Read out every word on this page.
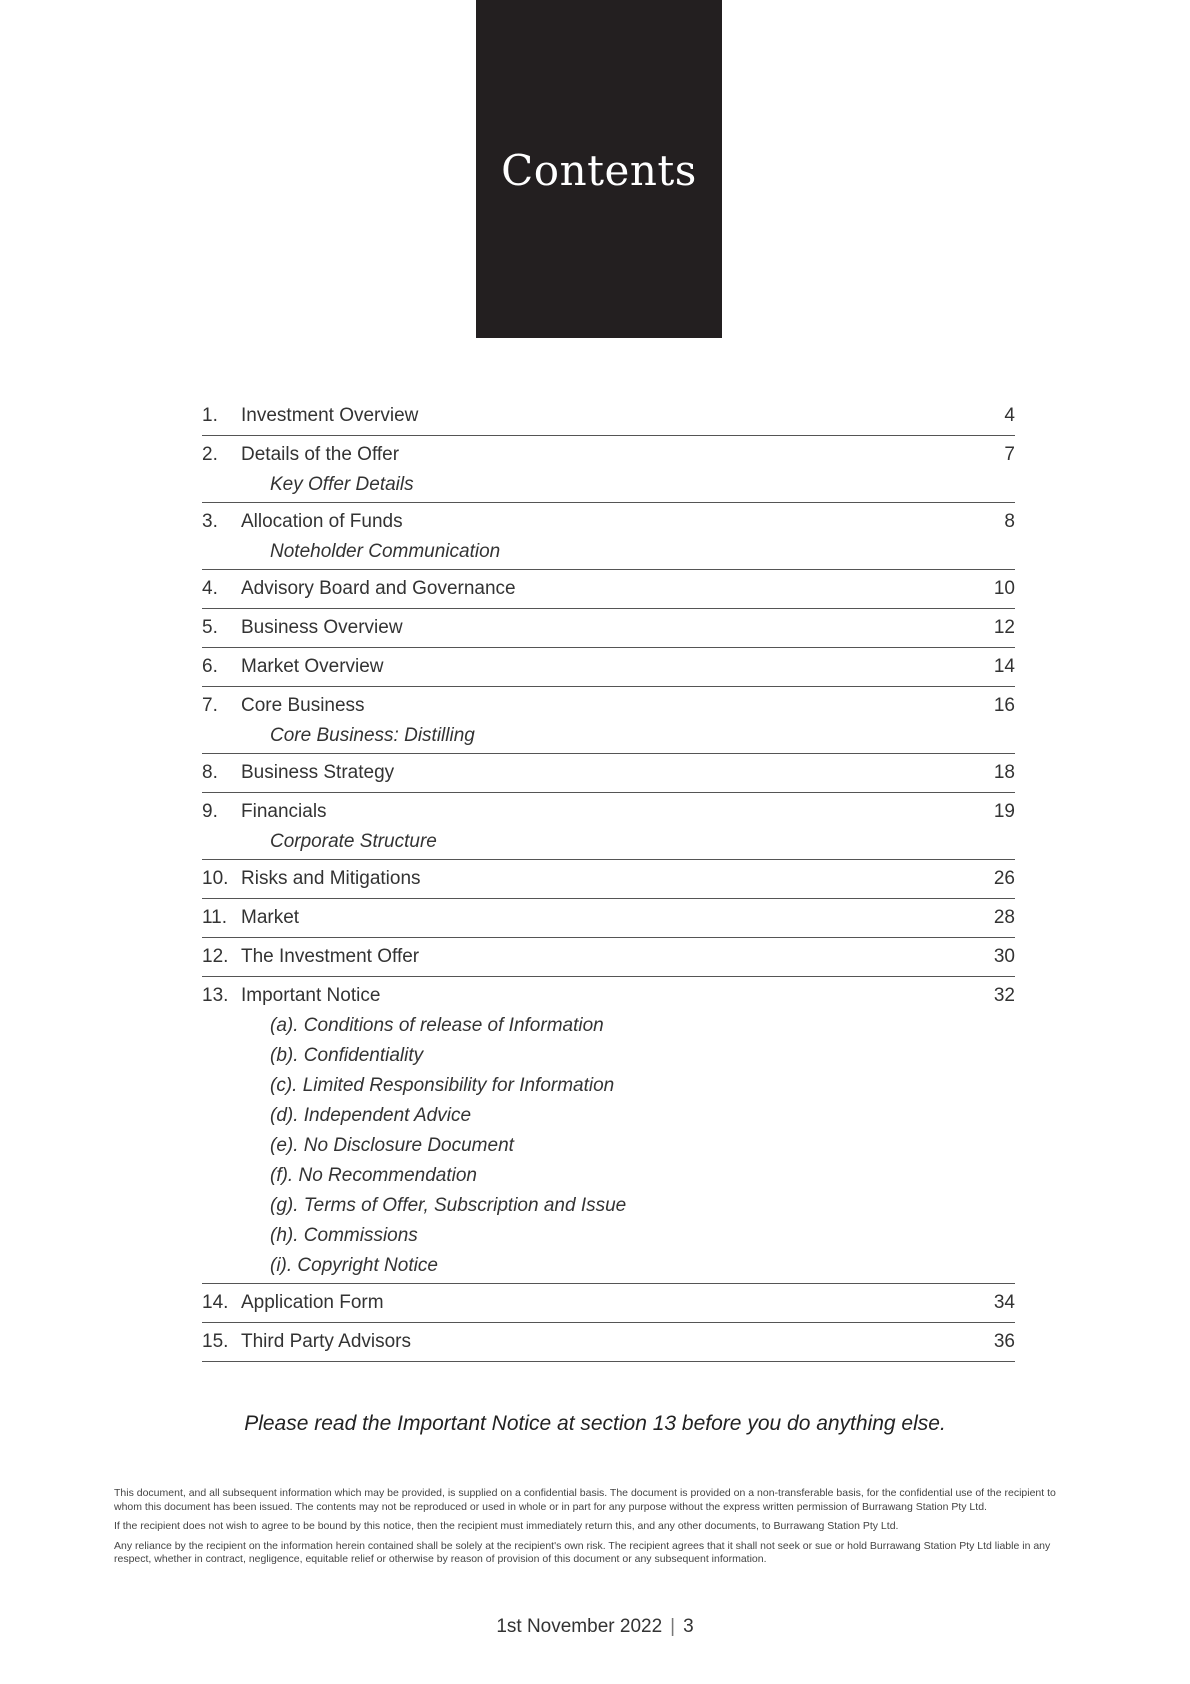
Contents
1.	Investment Overview	4
2.	Details of the Offer	7
Key Offer Details
3.	Allocation of Funds	8
Noteholder Communication
4.	Advisory Board and Governance	10
5.	Business Overview	12
6.	Market Overview	14
7.	Core Business	16
Core Business: Distilling
8.	Business Strategy	18
9.	Financials	19
Corporate Structure
10. Risks and Mitigations	26
11. Market	28
12. The Investment Offer	30
13. Important Notice	32
(a). Conditions of release of Information
(b). Confidentiality
(c). Limited Responsibility for Information
(d). Independent Advice
(e). No Disclosure Document
(f). No Recommendation
(g). Terms of Offer, Subscription and Issue
(h). Commissions
(i). Copyright Notice
14. Application Form	34
15. Third Party Advisors	36
Please read the Important Notice at section 13 before you do anything else.

This document, and all subsequent information which may be provided, is supplied on a confidential basis. The document is provided on a non-transferable basis, for the confidential use of the recipient to whom this document has been issued. The contents may not be reproduced or used in whole or in part for any purpose without the express written permission of Burrawang Station Pty Ltd.

If the recipient does not wish to agree to be bound by this notice, then the recipient must immediately return this, and any other documents, to Burrawang Station Pty Ltd.

Any reliance by the recipient on the information herein contained shall be solely at the recipient's own risk. The recipient agrees that it shall not seek or sue or hold Burrawang Station Pty Ltd liable in any respect, whether in contract, negligence, equitable relief or otherwise by reason of provision of this document or any subsequent information.

1st November 2022 | 3
